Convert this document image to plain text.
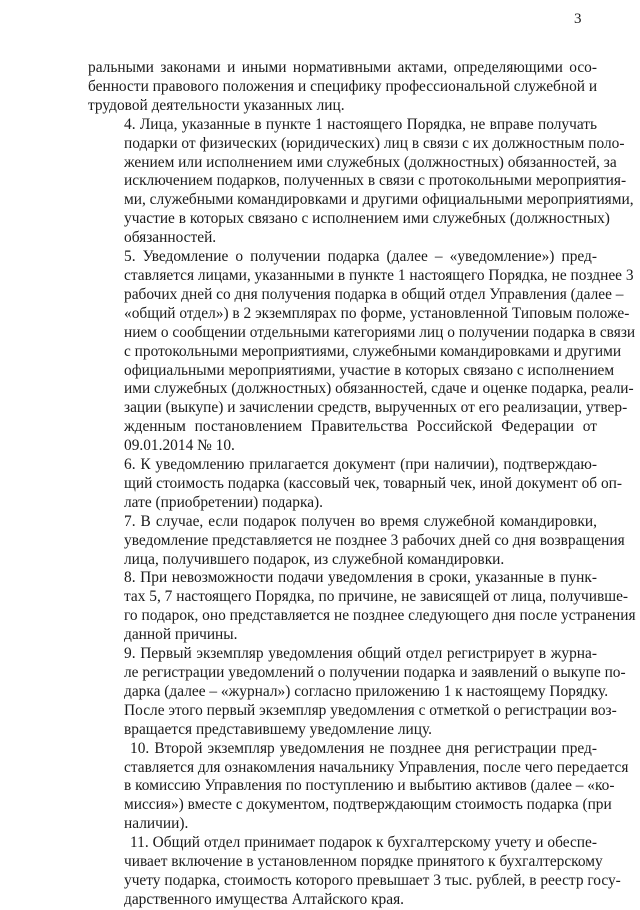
3
ральными законами и иными нормативными актами, определяющими осо-
бенности правового положения и специфику профессиональной служебной и
трудовой деятельности указанных лиц.
4. Лица, указанные в пункте 1 настоящего Порядка, не вправе получать
подарки от физических (юридических) лиц в связи с их должностным поло-
жением или исполнением ими служебных (должностных) обязанностей, за
исключением подарков, полученных в связи с протокольными мероприятия-
ми, служебными командировками и другими официальными мероприятиями,
участие в которых связано с исполнением ими служебных (должностных)
обязанностей.
5. Уведомление о получении подарка (далее – «уведомление») пред-
ставляется лицами, указанными в пункте 1 настоящего Порядка, не позднее 3
рабочих дней со дня получения подарка в общий отдел Управления (далее –
«общий отдел») в 2 экземплярах по форме, установленной Типовым положе-
нием о сообщении отдельными категориями лиц о получении подарка в связи
с протокольными мероприятиями, служебными командировками и другими
официальными мероприятиями, участие в которых связано с исполнением
ими служебных (должностных) обязанностей, сдаче и оценке подарка, реали-
зации (выкупе) и зачислении средств, вырученных от его реализации, утвер-
жденным постановлением Правительства Российской Федерации от
09.01.2014 № 10.
6. К уведомлению прилагается документ (при наличии), подтверждаю-
щий стоимость подарка (кассовый чек, товарный чек, иной документ об оп-
лате (приобретении) подарка).
7. В случае, если подарок получен во время служебной командировки,
уведомление представляется не позднее 3 рабочих дней со дня возвращения
лица, получившего подарок, из служебной командировки.
8. При невозможности подачи уведомления в сроки, указанные в пунк-
тах 5, 7 настоящего Порядка, по причине, не зависящей от лица, получивше-
го подарок, оно представляется не позднее следующего дня после устранения
данной причины.
9. Первый экземпляр уведомления общий отдел регистрирует в журна-
ле регистрации уведомлений о получении подарка и заявлений о выкупе по-
дарка (далее – «журнал») согласно приложению 1 к настоящему Порядку.
После этого первый экземпляр уведомления с отметкой о регистрации воз-
вращается представившему уведомление лицу.
10. Второй экземпляр уведомления не позднее дня регистрации пред-
ставляется для ознакомления начальнику Управления, после чего передается
в комиссию Управления по поступлению и выбытию активов (далее – «ко-
миссия») вместе с документом, подтверждающим стоимость подарка (при
наличии).
11. Общий отдел принимает подарок к бухгалтерскому учету и обеспе-
чивает включение в установленном порядке принятого к бухгалтерскому
учету подарка, стоимость которого превышает 3 тыс. рублей, в реестр госу-
дарственного имущества Алтайского края.
